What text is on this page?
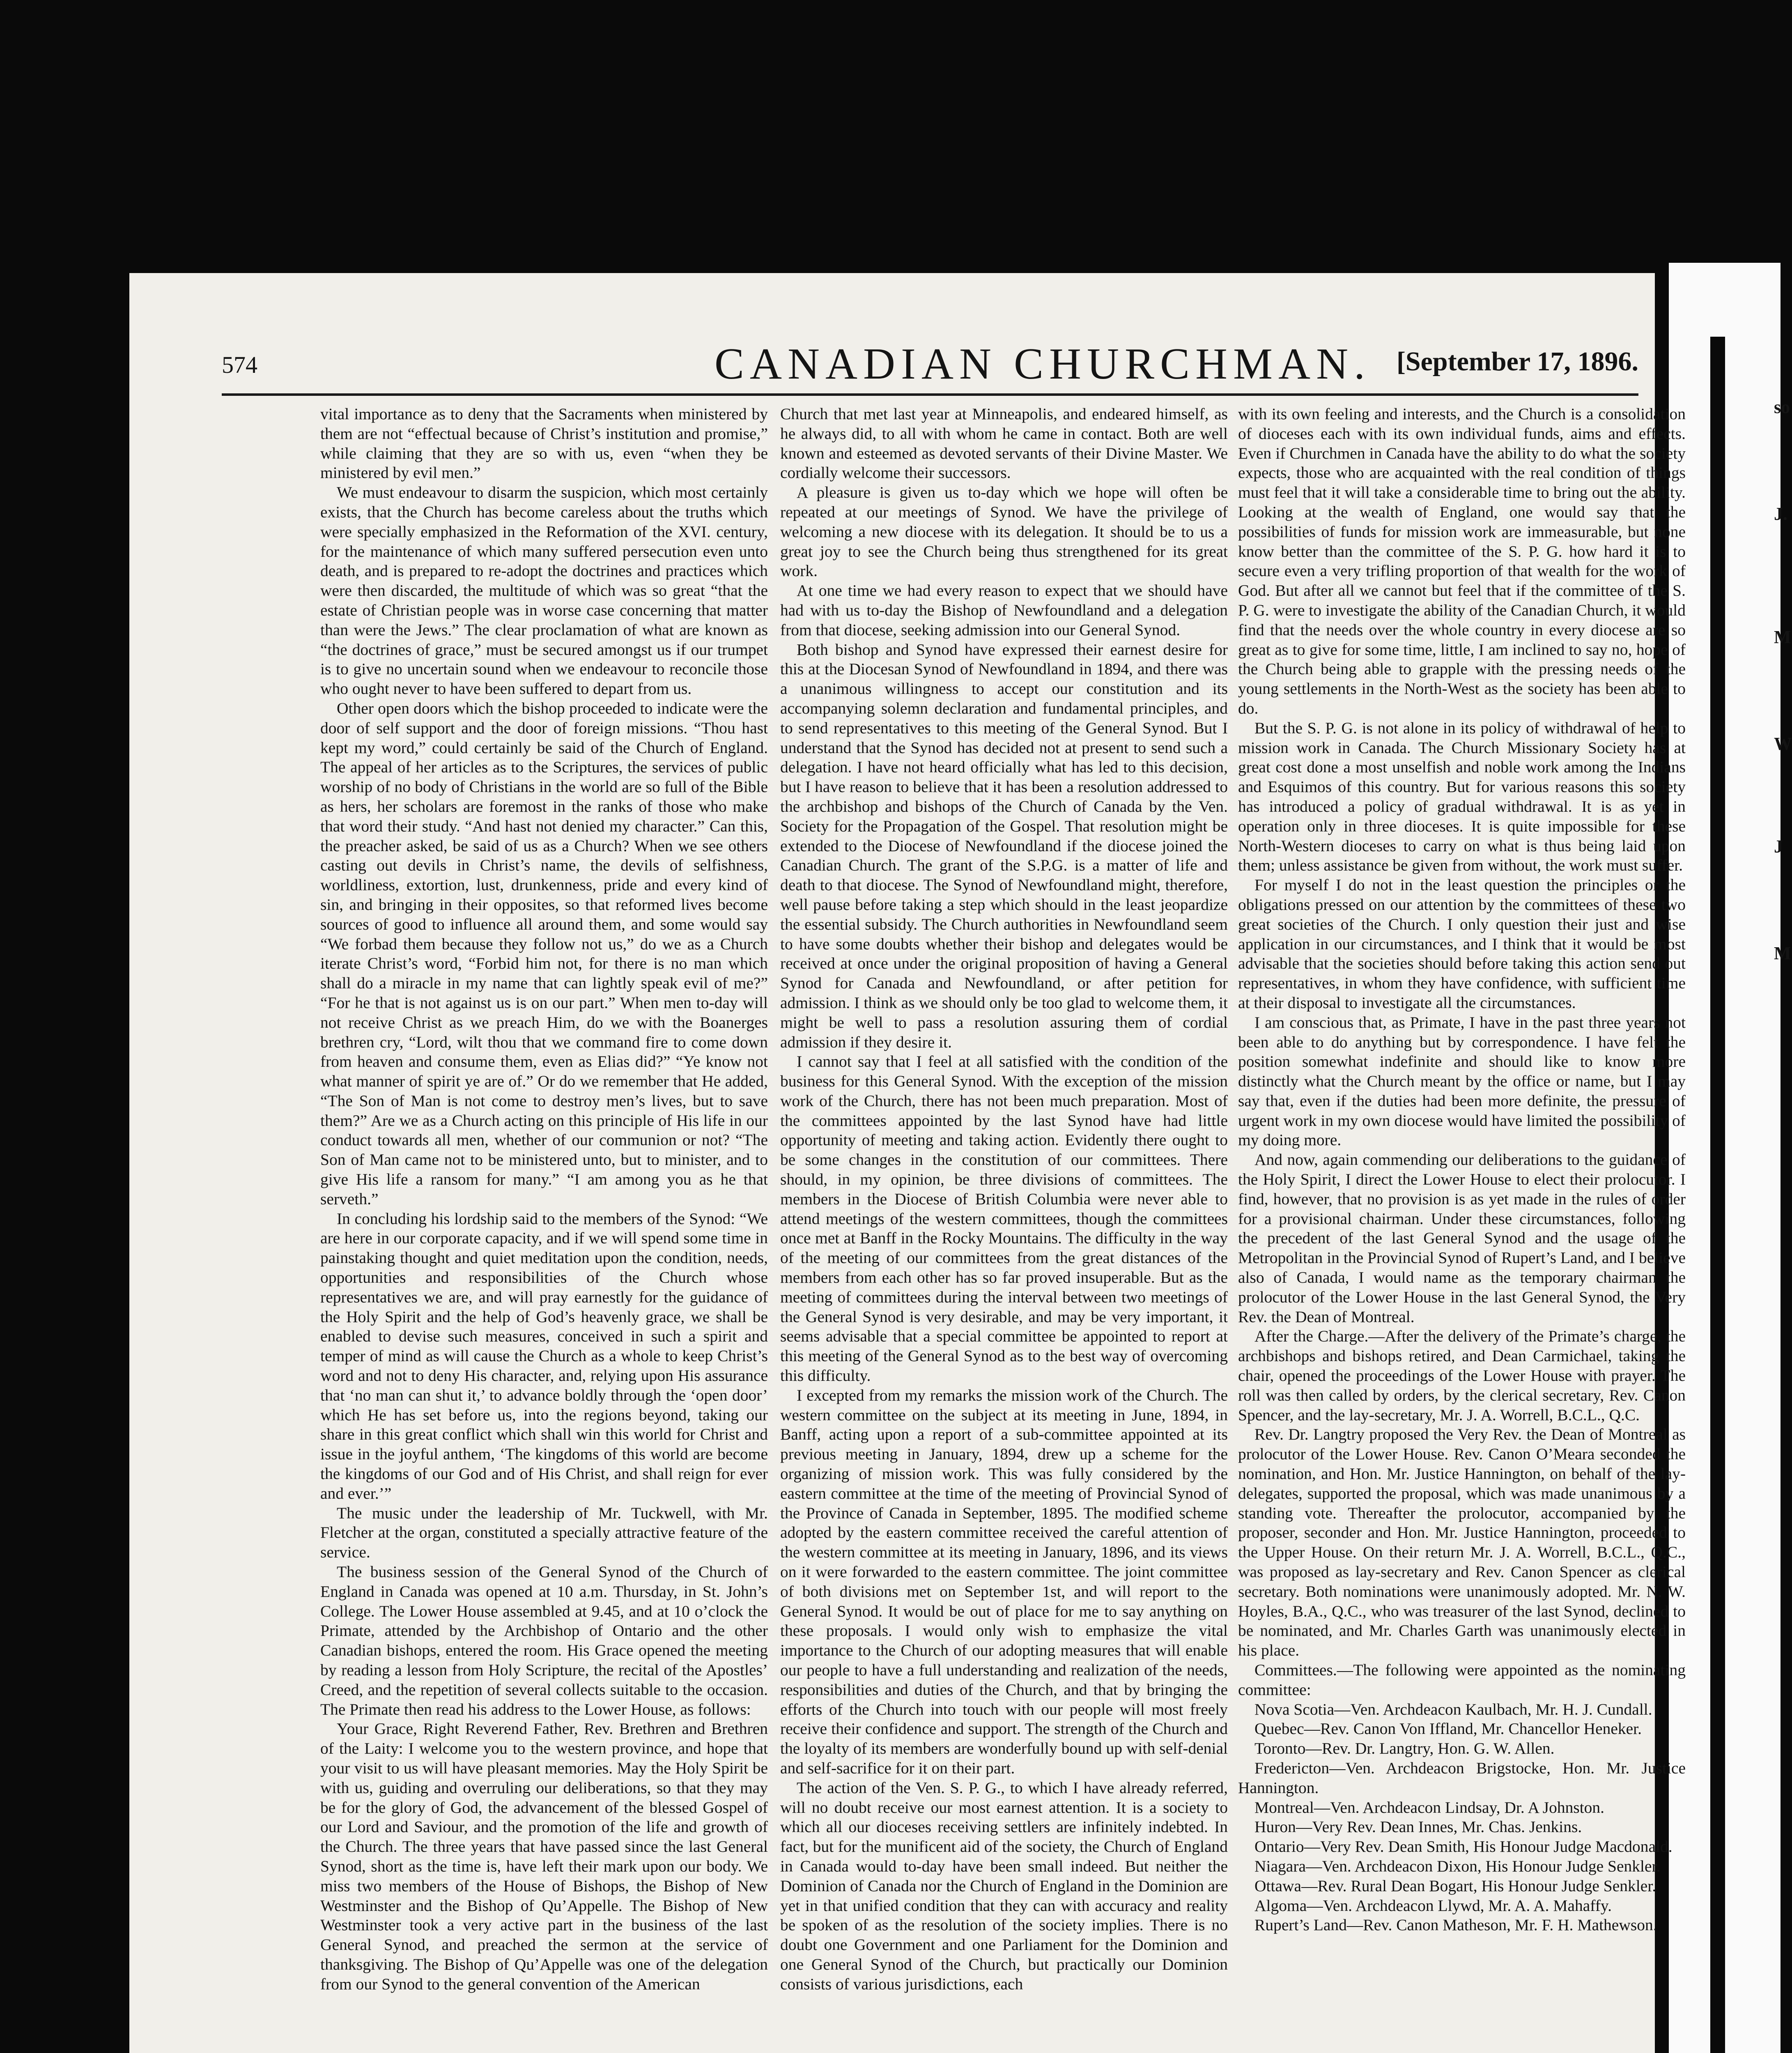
so
J.
M
W
J
M
574	CANADIAN CHURCHMAN. [September 17, 1896.

vital importance as to deny that the Sacraments when ministered by them are not “effectual because of Christ’s institution and promise,” while claiming that they are so with us, even “when they be ministered by evil men.”

We must endeavour to disarm the suspicion, which most certainly exists, that the Church has become careless about the truths which were specially emphasized in the Reformation of the XVI. century, for the maintenance of which many suffered persecution even unto death, and is prepared to re-adopt the doctrines and practices which were then discarded, the multitude of which was so great “that the estate of Christian people was in worse case concerning that matter than were the Jews.” The clear proclamation of what are known as “the doctrines of grace,” must be secured amongst us if our trumpet is to give no uncertain sound when we endeavour to reconcile those who ought never to have been suffered to depart from us.

Other open doors which the bishop proceeded to indicate were the door of self support and the door of foreign missions. “Thou hast kept my word,” could certainly be said of the Church of England. The appeal of her articles as to the Scriptures, the services of public worship of no body of Christians in the world are so full of the Bible as hers, her scholars are foremost in the ranks of those who make that word their study. “And hast not denied my character.” Can this, the preacher asked, be said of us as a Church? When we see others casting out devils in Christ’s name, the devils of selfishness, worldliness, extortion, lust, drunkenness, pride and every kind of sin, and bringing in their opposites, so that reformed lives become sources of good to influence all around them, and some would say “We forbad them because they follow not us,” do we as a Church iterate Christ’s word, “Forbid him not, for there is no man which shall do a miracle in my name that can lightly speak evil of me?” “For he that is not against us is on our part.” When men to-day will not receive Christ as we preach Him, do we with the Boanerges brethren cry, “Lord, wilt thou that we command fire to come down from heaven and consume them, even as Elias did?” “Ye know not what manner of spirit ye are of.” Or do we remember that He added, “The Son of Man is not come to destroy men’s lives, but to save them?” Are we as a Church acting on this principle of His life in our conduct towards all men, whether of our communion or not? “The Son of Man came not to be ministered unto, but to minister, and to give His life a ransom for many.” “I am among you as he that serveth.”

In concluding his lordship said to the members of the Synod: “We are here in our corporate capacity, and if we will spend some time in painstaking thought and quiet meditation upon the condition, needs, opportunities and responsibilities of the Church whose representatives we are, and will pray earnestly for the guidance of the Holy Spirit and the help of God’s heavenly grace, we shall be enabled to devise such measures, conceived in such a spirit and temper of mind as will cause the Church as a whole to keep Christ’s word and not to deny His character, and, relying upon His assurance that ‘no man can shut it,’ to advance boldly through the ‘open door’ which He has set before us, into the regions beyond, taking our share in this great conflict which shall win this world for Christ and issue in the joyful anthem, ‘The kingdoms of this world are become the kingdoms of our God and of His Christ, and shall reign for ever and ever.’”

The music under the leadership of Mr. Tuckwell, with Mr. Fletcher at the organ, constituted a specially attractive feature of the service.

The business session of the General Synod of the Church of England in Canada was opened at 10 a.m. Thursday, in St. John’s College. The Lower House assembled at 9.45, and at 10 o’clock the Primate, attended by the Archbishop of Ontario and the other Canadian bishops, entered the room. His Grace opened the meeting by reading a lesson from Holy Scripture, the recital of the Apostles’ Creed, and the repetition of several collects suitable to the occasion. The Primate then read his address to the Lower House, as follows:

Your Grace, Right Reverend Father, Rev. Brethren and Brethren of the Laity: I welcome you to the western province, and hope that your visit to us will have pleasant memories. May the Holy Spirit be with us, guiding and overruling our deliberations, so that they may be for the glory of God, the advancement of the blessed Gospel of our Lord and Saviour, and the promotion of the life and growth of the Church. The three years that have passed since the last General Synod, short as the time is, have left their mark upon our body. We miss two members of the House of Bishops, the Bishop of New Westminster and the Bishop of Qu’Appelle. The Bishop of New Westminster took a very active part in the business of the last General Synod, and preached the sermon at the service of thanksgiving. The Bishop of Qu’Appelle was one of the delegation from our Synod to the general convention of the American

Church that met last year at Minneapolis, and endeared himself, as he always did, to all with whom he came in contact. Both are well known and esteemed as devoted servants of their Divine Master. We cordially welcome their successors.

A pleasure is given us to-day which we hope will often be repeated at our meetings of Synod. We have the privilege of welcoming a new diocese with its delegation. It should be to us a great joy to see the Church being thus strengthened for its great work.

At one time we had every reason to expect that we should have had with us to-day the Bishop of Newfoundland and a delegation from that diocese, seeking admission into our General Synod.

Both bishop and Synod have expressed their earnest desire for this at the Diocesan Synod of Newfoundland in 1894, and there was a unanimous willingness to accept our constitution and its accompanying solemn declaration and fundamental principles, and to send representatives to this meeting of the General Synod. But I understand that the Synod has decided not at present to send such a delegation. I have not heard officially what has led to this decision, but I have reason to believe that it has been a resolution addressed to the archbishop and bishops of the Church of Canada by the Ven. Society for the Propagation of the Gospel. That resolution might be extended to the Diocese of Newfoundland if the diocese joined the Canadian Church. The grant of the S.P.G. is a matter of life and death to that diocese. The Synod of Newfoundland might, therefore, well pause before taking a step which should in the least jeopardize the essential subsidy. The Church authorities in Newfoundland seem to have some doubts whether their bishop and delegates would be received at once under the original proposition of having a General Synod for Canada and Newfoundland, or after petition for admission. I think as we should only be too glad to welcome them, it might be well to pass a resolution assuring them of cordial admission if they desire it.

I cannot say that I feel at all satisfied with the condition of the business for this General Synod. With the exception of the mission work of the Church, there has not been much preparation. Most of the committees appointed by the last Synod have had little opportunity of meeting and taking action. Evidently there ought to be some changes in the constitution of our committees. There should, in my opinion, be three divisions of committees. The members in the Diocese of British Columbia were never able to attend meetings of the western committees, though the committees once met at Banff in the Rocky Mountains. The difficulty in the way of the meeting of our committees from the great distances of the members from each other has so far proved insuperable. But as the meeting of committees during the interval between two meetings of the General Synod is very desirable, and may be very important, it seems advisable that a special committee be appointed to report at this meeting of the General Synod as to the best way of overcoming this difficulty.

I excepted from my remarks the mission work of the Church. The western committee on the subject at its meeting in June, 1894, in Banff, acting upon a report of a sub-committee appointed at its previous meeting in January, 1894, drew up a scheme for the organizing of mission work. This was fully considered by the eastern committee at the time of the meeting of Provincial Synod of the Province of Canada in September, 1895. The modified scheme adopted by the eastern committee received the careful attention of the western committee at its meeting in January, 1896, and its views on it were forwarded to the eastern committee. The joint committee of both divisions met on September 1st, and will report to the General Synod. It would be out of place for me to say anything on these proposals. I would only wish to emphasize the vital importance to the Church of our adopting measures that will enable our people to have a full understanding and realization of the needs, responsibilities and duties of the Church, and that by bringing the efforts of the Church into touch with our people will most freely receive their confidence and support. The strength of the Church and the loyalty of its members are wonderfully bound up with self-denial and self-sacrifice for it on their part.

The action of the Ven. S. P. G., to which I have already referred, will no doubt receive our most earnest attention. It is a society to which all our dioceses receiving settlers are infinitely indebted. In fact, but for the munificent aid of the society, the Church of England in Canada would to-day have been small indeed. But neither the Dominion of Canada nor the Church of England in the Dominion are yet in that unified condition that they can with accuracy and reality be spoken of as the resolution of the society implies. There is no doubt one Government and one Parliament for the Dominion and one General Synod of the Church, but practically our Dominion consists of various jurisdictions, each

with its own feeling and interests, and the Church is a consolidation of dioceses each with its own individual funds, aims and effects. Even if Churchmen in Canada have the ability to do what the society expects, those who are acquainted with the real condition of things must feel that it will take a considerable time to bring out the ability. Looking at the wealth of England, one would say that the possibilities of funds for mission work are immeasurable, but none know better than the committee of the S. P. G. how hard it is to secure even a very trifling proportion of that wealth for the work of God. But after all we cannot but feel that if the committee of the S. P. G. were to investigate the ability of the Canadian Church, it would find that the needs over the whole country in every diocese are so great as to give for some time, little, I am inclined to say no, hope of the Church being able to grapple with the pressing needs of the young settlements in the North-West as the society has been able to do.

But the S. P. G. is not alone in its policy of withdrawal of help to mission work in Canada. The Church Missionary Society has at great cost done a most unselfish and noble work among the Indians and Esquimos of this country. But for various reasons this society has introduced a policy of gradual withdrawal. It is as yet in operation only in three dioceses. It is quite impossible for these North-Western dioceses to carry on what is thus being laid upon them; unless assistance be given from without, the work must suffer.

For myself I do not in the least question the principles or the obligations pressed on our attention by the committees of these two great societies of the Church. I only question their just and wise application in our circumstances, and I think that it would be most advisable that the societies should before taking this action send out representatives, in whom they have confidence, with sufficient time at their disposal to investigate all the circumstances.

I am conscious that, as Primate, I have in the past three years not been able to do anything but by correspondence. I have felt the position somewhat indefinite and should like to know more distinctly what the Church meant by the office or name, but I may say that, even if the duties had been more definite, the pressure of urgent work in my own diocese would have limited the possibility of my doing more.

And now, again commending our deliberations to the guidance of the Holy Spirit, I direct the Lower House to elect their prolocutor. I find, however, that no provision is as yet made in the rules of order for a provisional chairman. Under these circumstances, following the precedent of the last General Synod and the usage of the Metropolitan in the Provincial Synod of Rupert’s Land, and I believe also of Canada, I would name as the temporary chairman the prolocutor of the Lower House in the last General Synod, the Very Rev. the Dean of Montreal.

After the Charge.—After the delivery of the Primate’s charge, the archbishops and bishops retired, and Dean Carmichael, taking the chair, opened the proceedings of the Lower House with prayer. The roll was then called by orders, by the clerical secretary, Rev. Canon Spencer, and the lay-secretary, Mr. J. A. Worrell, B.C.L., Q.C.

Rev. Dr. Langtry proposed the Very Rev. the Dean of Montreal as prolocutor of the Lower House. Rev. Canon O’Meara seconded the nomination, and Hon. Mr. Justice Hannington, on behalf of the lay-delegates, supported the proposal, which was made unanimous by a standing vote. Thereafter the prolocutor, accompanied by the proposer, seconder and Hon. Mr. Justice Hannington, proceeded to the Upper House. On their return Mr. J. A. Worrell, B.C.L., Q.C., was proposed as lay-secretary and Rev. Canon Spencer as clerical secretary. Both nominations were unanimously adopted. Mr. N. W. Hoyles, B.A., Q.C., who was treasurer of the last Synod, declined to be nominated, and Mr. Charles Garth was unanimously elected in his place.

Committees.—The following were appointed as the nominating committee:

Nova Scotia—Ven. Archdeacon Kaulbach, Mr. H. J. Cundall.

Quebec—Rev. Canon Von Iffland, Mr. Chancellor Heneker.

Toronto—Rev. Dr. Langtry, Hon. G. W. Allen.

Fredericton—Ven. Archdeacon Brigstocke, Hon. Mr. Justice Hannington.

Montreal—Ven. Archdeacon Lindsay, Dr. A Johnston.

Huron—Very Rev. Dean Innes, Mr. Chas. Jenkins.

Ontario—Very Rev. Dean Smith, His Honour Judge Macdonald.

Niagara—Ven. Archdeacon Dixon, His Honour Judge Senkler.

Ottawa—Rev. Rural Dean Bogart, His Honour Judge Senkler.

Algoma—Ven. Archdeacon Llywd, Mr. A. A. Mahaffy.

Rupert’s Land—Rev. Canon Matheson, Mr. F. H. Mathewson.
